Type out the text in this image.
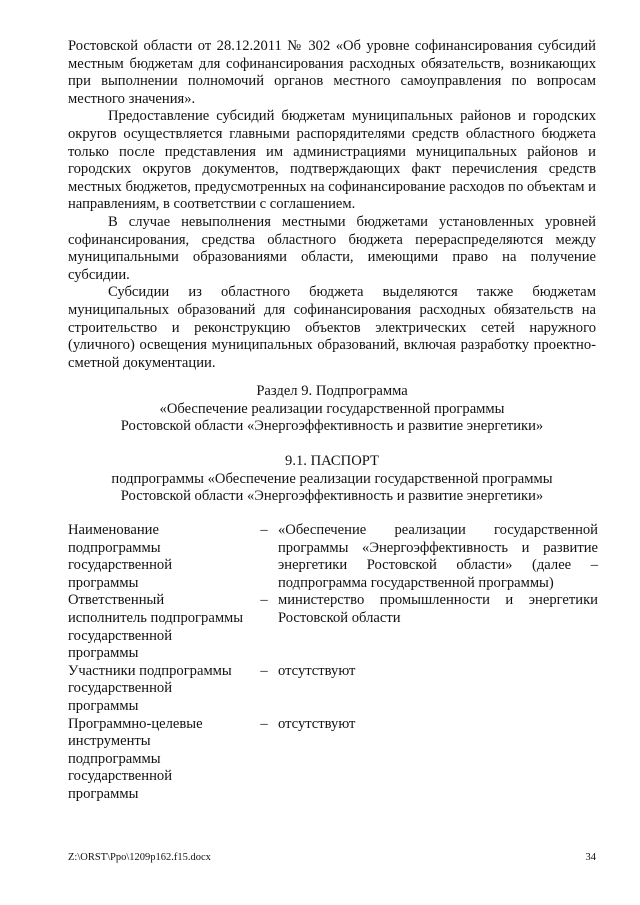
Ростовской области от 28.12.2011 № 302 «Об уровне софинансирования субсидий местным бюджетам для софинансирования расходных обязательств, возникающих при выполнении полномочий органов местного самоуправления по вопросам местного значения».

Предоставление субсидий бюджетам муниципальных районов и городских округов осуществляется главными распорядителями средств областного бюджета только после представления им администрациями муниципальных районов и городских округов документов, подтверждающих факт перечисления средств местных бюджетов, предусмотренных на софинансирование расходов по объектам и направлениям, в соответствии с соглашением.

В случае невыполнения местными бюджетами установленных уровней софинансирования, средства областного бюджета перераспределяются между муниципальными образованиями области, имеющими право на получение субсидии.

Субсидии из областного бюджета выделяются также бюджетам муниципальных образований для софинансирования расходных обязательств на строительство и реконструкцию объектов электрических сетей наружного (уличного) освещения муниципальных образований, включая разработку проектно-сметной документации.

Раздел 9. Подпрограмма

«Обеспечение реализации государственной программы

Ростовской области «Энергоэффективность и развитие энергетики»

9.1. ПАСПОРТ

подпрограммы «Обеспечение реализации государственной программы

Ростовской области «Энергоэффективность и развитие энергетики»

Наименование подпрограммы государственной программы	–	«Обеспечение реализации государственной программы «Энергоэффективность и развитие энергетики Ростовской области» (далее – подпрограмма государственной программы)
Ответственный исполнитель подпрограммы государственной программы	–	министерство промышленности и энергетики Ростовской области
Участники подпрограммы государственной программы	–	отсутствуют
Программно-целевые инструменты подпрограммы государственной программы	–	отсутствуют
Z:\ORST\Ppo\1209p162.f15.docx	34
